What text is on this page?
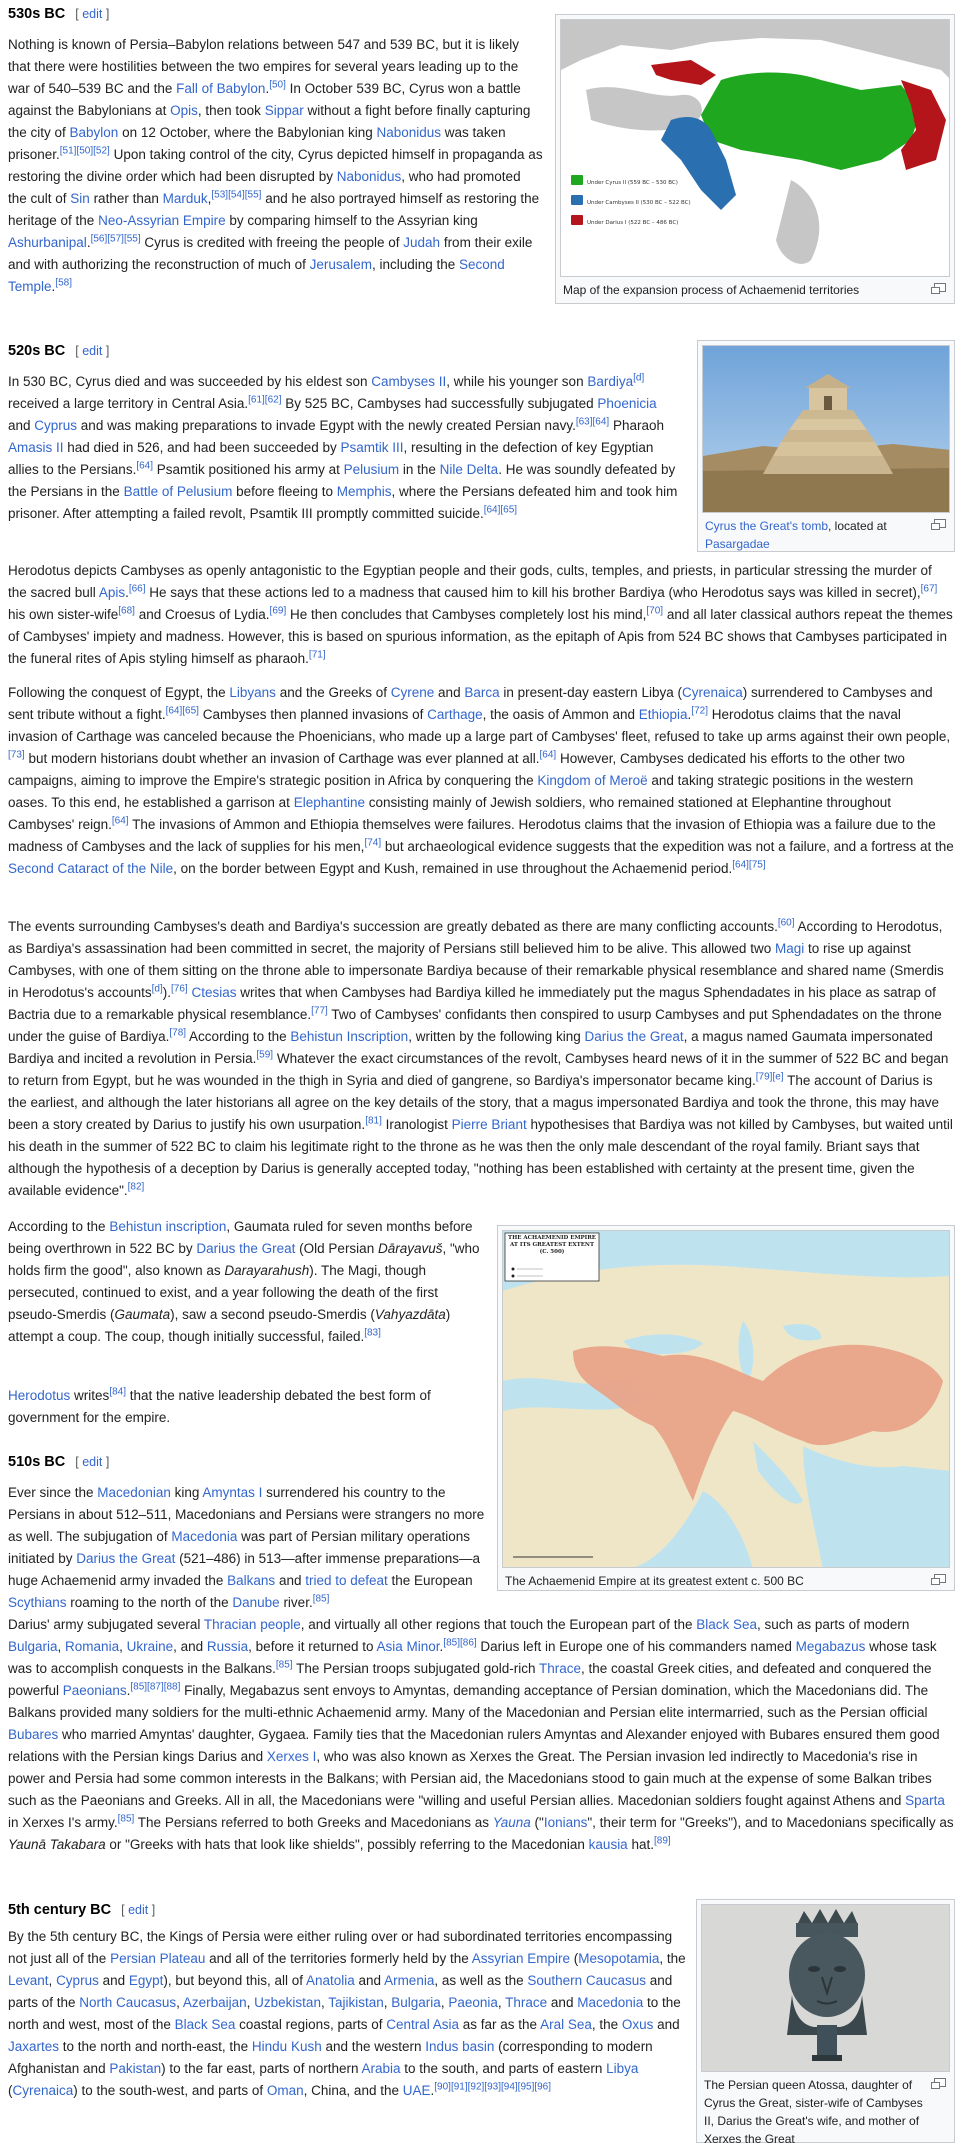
530s BC [ edit ]

Nothing is known of Persia–Babylon relations between 547 and 539 BC, but it is likely that there were hostilities between the two empires for several years leading up to the war of 540–539 BC and the Fall of Babylon.[50] In October 539 BC, Cyrus won a battle against the Babylonians at Opis, then took Sippar without a fight before finally capturing the city of Babylon on 12 October, where the Babylonian king Nabonidus was taken prisoner.[51][50][52] Upon taking control of the city, Cyrus depicted himself in propaganda as restoring the divine order which had been disrupted by Nabonidus, who had promoted the cult of Sin rather than Marduk,[53][54][55] and he also portrayed himself as restoring the heritage of the Neo-Assyrian Empire by comparing himself to the Assyrian king Ashurbanipal.[56][57][55] Cyrus is credited with freeing the people of Judah from their exile and with authorizing the reconstruction of much of Jerusalem, including the Second Temple.[58]

Under Cyrus II (559 BC – 530 BC)
Under Cambyses II (530 BC – 522 BC)
Under Darius I (522 BC – 486 BC)
Map of the expansion process of Achaemenid territories
520s BC [ edit ]

In 530 BC, Cyrus died and was succeeded by his eldest son Cambyses II, while his younger son Bardiya[d] received a large territory in Central Asia.[61][62] By 525 BC, Cambyses had successfully subjugated Phoenicia and Cyprus and was making preparations to invade Egypt with the newly created Persian navy.[63][64] Pharaoh Amasis II had died in 526, and had been succeeded by Psamtik III, resulting in the defection of key Egyptian allies to the Persians.[64] Psamtik positioned his army at Pelusium in the Nile Delta. He was soundly defeated by the Persians in the Battle of Pelusium before fleeing to Memphis, where the Persians defeated him and took him prisoner. After attempting a failed revolt, Psamtik III promptly committed suicide.[64][65]

Cyrus the Great's tomb, located at Pasargadae

Herodotus depicts Cambyses as openly antagonistic to the Egyptian people and their gods, cults, temples, and priests, in particular stressing the murder of the sacred bull Apis.[66] He says that these actions led to a madness that caused him to kill his brother Bardiya (who Herodotus says was killed in secret),[67] his own sister-wife[68] and Croesus of Lydia.[69] He then concludes that Cambyses completely lost his mind,[70] and all later classical authors repeat the themes of Cambyses' impiety and madness. However, this is based on spurious information, as the epitaph of Apis from 524 BC shows that Cambyses participated in the funeral rites of Apis styling himself as pharaoh.[71]

Following the conquest of Egypt, the Libyans and the Greeks of Cyrene and Barca in present-day eastern Libya (Cyrenaica) surrendered to Cambyses and sent tribute without a fight.[64][65] Cambyses then planned invasions of Carthage, the oasis of Ammon and Ethiopia.[72] Herodotus claims that the naval invasion of Carthage was canceled because the Phoenicians, who made up a large part of Cambyses' fleet, refused to take up arms against their own people,[73] but modern historians doubt whether an invasion of Carthage was ever planned at all.[64] However, Cambyses dedicated his efforts to the other two campaigns, aiming to improve the Empire's strategic position in Africa by conquering the Kingdom of Meroë and taking strategic positions in the western oases. To this end, he established a garrison at Elephantine consisting mainly of Jewish soldiers, who remained stationed at Elephantine throughout Cambyses' reign.[64] The invasions of Ammon and Ethiopia themselves were failures. Herodotus claims that the invasion of Ethiopia was a failure due to the madness of Cambyses and the lack of supplies for his men,[74] but archaeological evidence suggests that the expedition was not a failure, and a fortress at the Second Cataract of the Nile, on the border between Egypt and Kush, remained in use throughout the Achaemenid period.[64][75]

The events surrounding Cambyses's death and Bardiya's succession are greatly debated as there are many conflicting accounts.[60] According to Herodotus, as Bardiya's assassination had been committed in secret, the majority of Persians still believed him to be alive. This allowed two Magi to rise up against Cambyses, with one of them sitting on the throne able to impersonate Bardiya because of their remarkable physical resemblance and shared name (Smerdis in Herodotus's accounts[d]).[76] Ctesias writes that when Cambyses had Bardiya killed he immediately put the magus Sphendadates in his place as satrap of Bactria due to a remarkable physical resemblance.[77] Two of Cambyses' confidants then conspired to usurp Cambyses and put Sphendadates on the throne under the guise of Bardiya.[78] According to the Behistun Inscription, written by the following king Darius the Great, a magus named Gaumata impersonated Bardiya and incited a revolution in Persia.[59] Whatever the exact circumstances of the revolt, Cambyses heard news of it in the summer of 522 BC and began to return from Egypt, but he was wounded in the thigh in Syria and died of gangrene, so Bardiya's impersonator became king.[79][e] The account of Darius is the earliest, and although the later historians all agree on the key details of the story, that a magus impersonated Bardiya and took the throne, this may have been a story created by Darius to justify his own usurpation.[81] Iranologist Pierre Briant hypothesises that Bardiya was not killed by Cambyses, but waited until his death in the summer of 522 BC to claim his legitimate right to the throne as he was then the only male descendant of the royal family. Briant says that although the hypothesis of a deception by Darius is generally accepted today, "nothing has been established with certainty at the present time, given the available evidence".[82]

According to the Behistun inscription, Gaumata ruled for seven months before being overthrown in 522 BC by Darius the Great (Old Persian Dārayavuš, "who holds firm the good", also known as Darayarahush). The Magi, though persecuted, continued to exist, and a year following the death of the first pseudo-Smerdis (Gaumata), saw a second pseudo-Smerdis (Vahyazdāta) attempt a coup. The coup, though initially successful, failed.[83]

Herodotus writes[84] that the native leadership debated the best form of government for the empire.

THE ACHAEMENID EMPIRE AT ITS GREATEST EXTENT (C. 500)
The Achaemenid Empire at its greatest extent c. 500 BC
510s BC [ edit ]

Ever since the Macedonian king Amyntas I surrendered his country to the Persians in about 512–511, Macedonians and Persians were strangers no more as well. The subjugation of Macedonia was part of Persian military operations initiated by Darius the Great (521–486) in 513—after immense preparations—a huge Achaemenid army invaded the Balkans and tried to defeat the European Scythians roaming to the north of the Danube river.[85]

Darius' army subjugated several Thracian people, and virtually all other regions that touch the European part of the Black Sea, such as parts of modern Bulgaria, Romania, Ukraine, and Russia, before it returned to Asia Minor.[85][86] Darius left in Europe one of his commanders named Megabazus whose task was to accomplish conquests in the Balkans.[85] The Persian troops subjugated gold-rich Thrace, the coastal Greek cities, and defeated and conquered the powerful Paeonians.[85][87][88] Finally, Megabazus sent envoys to Amyntas, demanding acceptance of Persian domination, which the Macedonians did. The Balkans provided many soldiers for the multi-ethnic Achaemenid army. Many of the Macedonian and Persian elite intermarried, such as the Persian official Bubares who married Amyntas' daughter, Gygaea. Family ties that the Macedonian rulers Amyntas and Alexander enjoyed with Bubares ensured them good relations with the Persian kings Darius and Xerxes I, who was also known as Xerxes the Great. The Persian invasion led indirectly to Macedonia's rise in power and Persia had some common interests in the Balkans; with Persian aid, the Macedonians stood to gain much at the expense of some Balkan tribes such as the Paeonians and Greeks. All in all, the Macedonians were "willing and useful Persian allies. Macedonian soldiers fought against Athens and Sparta in Xerxes I's army.[85] The Persians referred to both Greeks and Macedonians as Yauna ("Ionians", their term for "Greeks"), and to Macedonians specifically as Yaunā Takabara or "Greeks with hats that look like shields", possibly referring to the Macedonian kausia hat.[89]

5th century BC [ edit ]

By the 5th century BC, the Kings of Persia were either ruling over or had subordinated territories encompassing not just all of the Persian Plateau and all of the territories formerly held by the Assyrian Empire (Mesopotamia, the Levant, Cyprus and Egypt), but beyond this, all of Anatolia and Armenia, as well as the Southern Caucasus and parts of the North Caucasus, Azerbaijan, Uzbekistan, Tajikistan, Bulgaria, Paeonia, Thrace and Macedonia to the north and west, most of the Black Sea coastal regions, parts of Central Asia as far as the Aral Sea, the Oxus and Jaxartes to the north and north-east, the Hindu Kush and the western Indus basin (corresponding to modern Afghanistan and Pakistan) to the far east, parts of northern Arabia to the south, and parts of eastern Libya (Cyrenaica) to the south-west, and parts of Oman, China, and the UAE.[90][91][92][93][94][95][96]	The Persian queen Atossa, daughter of Cyrus the Great, sister-wife of Cambyses II, Darius the Great's wife, and mother of Xerxes the Great
